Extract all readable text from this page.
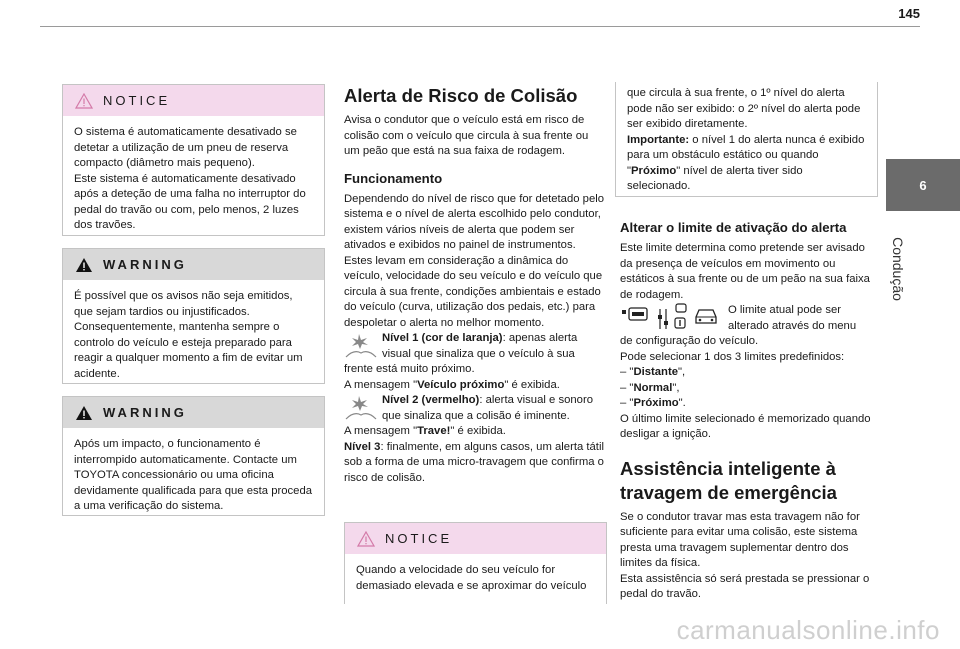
145
6
Condução
NOTICE

O sistema é automaticamente desativado se detetar a utilização de um pneu de reserva compacto (diâmetro mais pequeno).

Este sistema é automaticamente desativado após a deteção de uma falha no interruptor do pedal do travão ou com, pelo menos, 2 luzes dos travões.

WARNING

É possível que os avisos não seja emitidos, que sejam tardios ou injustificados.

Consequentemente, mantenha sempre o controlo do veículo e esteja preparado para reagir a qualquer momento a fim de evitar um acidente.

WARNING

Após um impacto, o funcionamento é interrompido automaticamente. Contacte um TOYOTA concessionário ou uma oficina devidamente qualificada para que esta proceda a uma verificação do sistema.

Alerta de Risco de Colisão

Avisa o condutor que o veículo está em risco de colisão com o veículo que circula à sua frente ou um peão que está na sua faixa de rodagem.

Funcionamento

Dependendo do nível de risco que for detetado pelo sistema e o nível de alerta escolhido pelo condutor, existem vários níveis de alerta que podem ser ativados e exibidos no painel de instrumentos.

Estes levam em consideração a dinâmica do veículo, velocidade do seu veículo e do veículo que circula à sua frente, condições ambientais e estado do veículo (curva, utilização dos pedais, etc.) para despoletar o alerta no melhor momento.

Nível 1 (cor de laranja): apenas alerta

visual que sinaliza que o veículo à sua

frente está muito próximo.

A mensagem "Veículo próximo" é exibida.

Nível 2 (vermelho): alerta visual e sonoro

que sinaliza que a colisão é iminente.

A mensagem "Trave!" é exibida.

Nível 3: finalmente, em alguns casos, um alerta tátil sob a forma de uma micro-travagem que confirma o risco de colisão.

NOTICE

Quando a velocidade do seu veículo for demasiado elevada e se aproximar do veículo

que circula à sua frente, o 1º nível do alerta pode não ser exibido: o 2º nível do alerta pode ser exibido diretamente.

Importante: o nível 1 do alerta nunca é exibido para um obstáculo estático ou quando "Próximo" nível de alerta tiver sido selecionado.

Alterar o limite de ativação do alerta

Este limite determina como pretende ser avisado da presença de veículos em movimento ou estáticos à sua frente ou de um peão na sua faixa de rodagem.

O limite atual pode ser

alterado através do menu

de configuração do veículo.

Pode selecionar 1 dos 3 limites predefinidos:

– "Distante",

– "Normal",

– "Próximo".

O último limite selecionado é memorizado quando desligar a ignição.

Assistência inteligente à

travagem de emergência

Se o condutor travar mas esta travagem não for suficiente para evitar uma colisão, este sistema presta uma travagem suplementar dentro dos limites da física.

Esta assistência só será prestada se pressionar o pedal do travão.

carmanualsonline.info
